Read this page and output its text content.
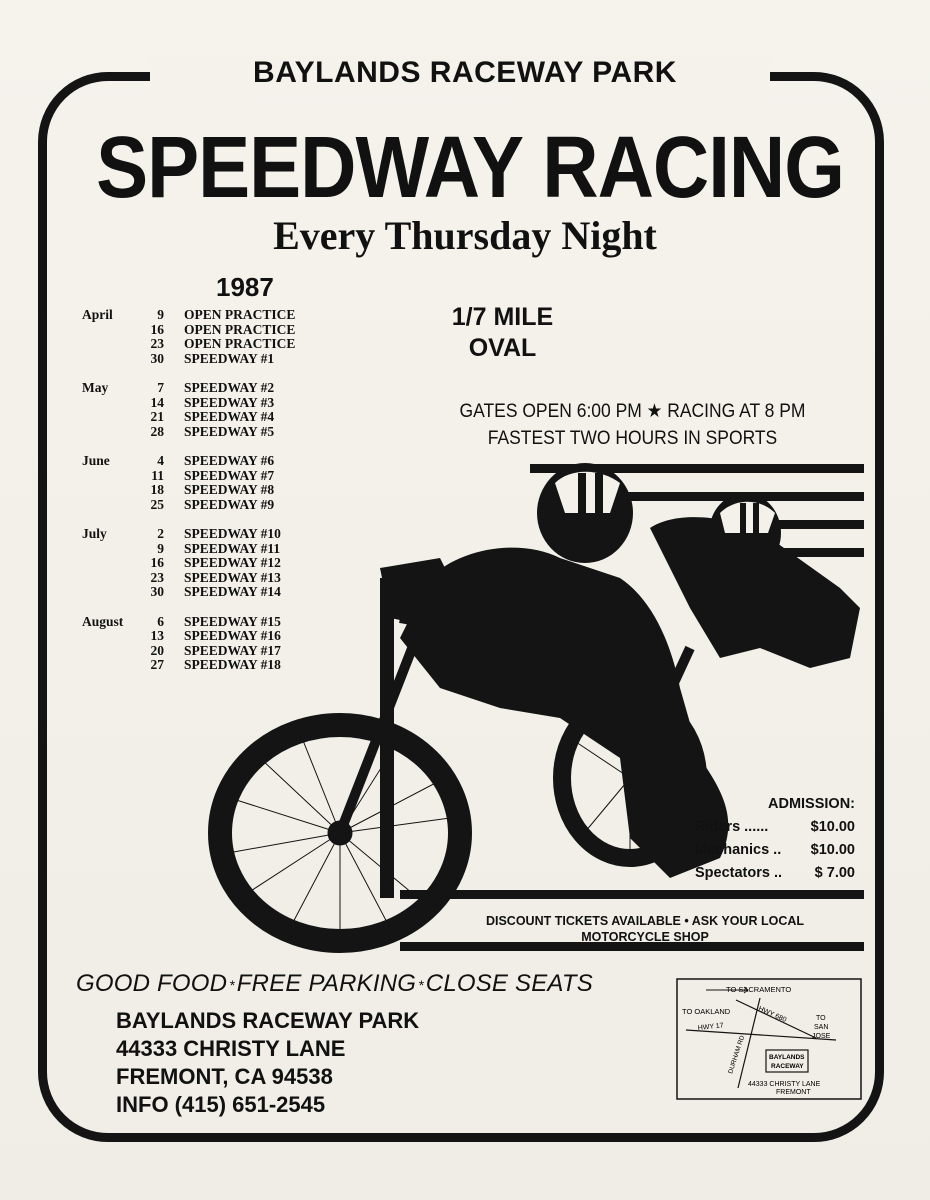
BAYLANDS RACEWAY PARK
SPEEDWAY RACING
Every Thursday Night
1987
April	9	OPEN PRACTICE
16	OPEN PRACTICE
23	OPEN PRACTICE
30	SPEEDWAY #1
May	7	SPEEDWAY #2
14	SPEEDWAY #3
21	SPEEDWAY #4
28	SPEEDWAY #5
June	4	SPEEDWAY #6
11	SPEEDWAY #7
18	SPEEDWAY #8
25	SPEEDWAY #9
July	2	SPEEDWAY #10
9	SPEEDWAY #11
16	SPEEDWAY #12
23	SPEEDWAY #13
30	SPEEDWAY #14
August	6	SPEEDWAY #15
13	SPEEDWAY #16
20	SPEEDWAY #17
27	SPEEDWAY #18
1/7 MILE
OVAL
GATES OPEN 6:00 PM ★ RACING AT 8 PM
FASTEST TWO HOURS IN SPORTS
ADMISSION:
Riders ......	$10.00
Mechanics .. $10.00
Spectators .. $ 7.00
DISCOUNT TICKETS AVAILABLE • ASK YOUR LOCAL
MOTORCYCLE SHOP
GOOD FOOD *FREE PARKING *CLOSE SEATS
BAYLANDS RACEWAY PARK
44333 CHRISTY LANE
FREMONT, CA 94538
INFO (415) 651-2545
TO SACRAMENTO
TO OAKLAND	HWY 680
HWY 17
TO
SAN
JOSE
DURHAM RD	BAYLANDS
RACEWAY
44333 CHRISTY LANE
FREMONT
